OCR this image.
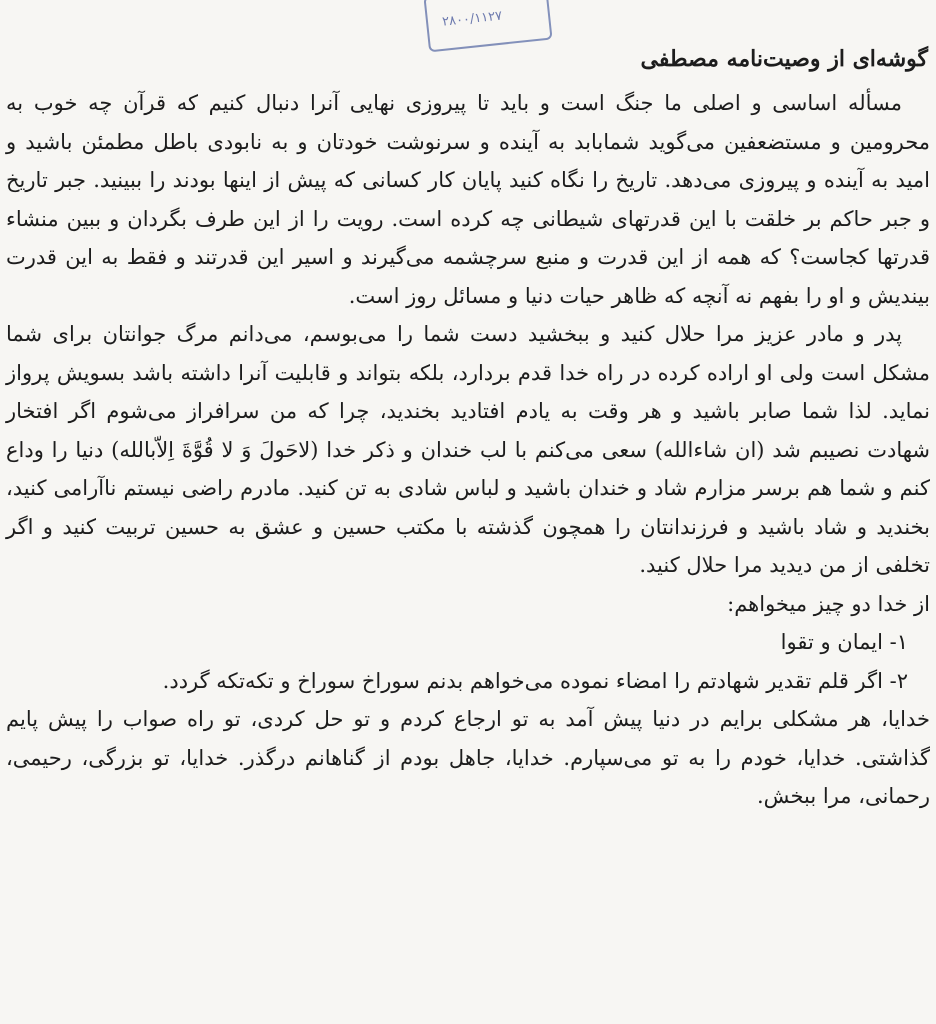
۲۸۰۰/۱۱۲۷
گوشه‌ای از وصیت‌نامه مصطفی

مسأله اساسی و اصلی ما جنگ است و باید تا پیروزی نهایی آنرا دنبال کنیم که قرآن چه خوب به محرومین و مستضعفین می‌گوید شمابابد به آینده و سرنوشت خودتان و به نابودی باطل مطمئن باشید و امید به آینده و پیروزی می‌دهد. تاریخ را نگاه کنید پایان کار کسانی که پیش از اینها بودند را ببینید. جبر تاریخ و جبر حاکم بر خلقت با این قدرتهای شیطانی چه کرده است. رویت را از این طرف بگردان و ببین منشاء قدرتها کجاست؟ که همه از این قدرت و منبع سرچشمه می‌گیرند و اسیر این قدرتند و فقط به این قدرت بیندیش و او را بفهم نه آنچه که ظاهر حیات دنیا و مسائل روز است.

پدر و مادر عزیز مرا حلال کنید و ببخشید دست شما را می‌بوسم، می‌دانم مرگ جوانتان برای شما مشکل است ولی او اراده کرده در راه خدا قدم بردارد، بلکه بتواند و قابلیت آنرا داشته باشد بسویش پرواز نماید. لذا شما صابر باشید و هر وقت به یادم افتادید بخندید، چرا که من سرافراز می‌شوم اگر افتخار شهادت نصیبم شد (ان شاءالله) سعی می‌کنم با لب خندان و ذکر خدا (لاحَولَ وَ لا قُوَّةَ اِلاّبالله) دنیا را وداع کنم و شما هم برسر مزارم شاد و خندان باشید و لباس شادی به تن کنید. مادرم راضی نیستم ناآرامی کنید، بخندید و شاد باشید و فرزندانتان را همچون گذشته با مکتب حسین و عشق به حسین تربیت کنید و اگر تخلفی از من دیدید مرا حلال کنید.

از خدا دو چیز میخواهم:

۱- ایمان و تقوا

۲- اگر قلم تقدیر شهادتم را امضاء نموده می‌خواهم بدنم سوراخ سوراخ و تکه‌تکه گردد.

خدایا، هر مشکلی برایم در دنیا پیش آمد به تو ارجاع کردم و تو حل کردی، تو راه صواب را پیش پایم گذاشتی. خدایا، خودم را به تو می‌سپارم. خدایا، جاهل بودم از گناهانم درگذر. خدایا، تو بزرگی، رحیمی، رحمانی، مرا ببخش.
